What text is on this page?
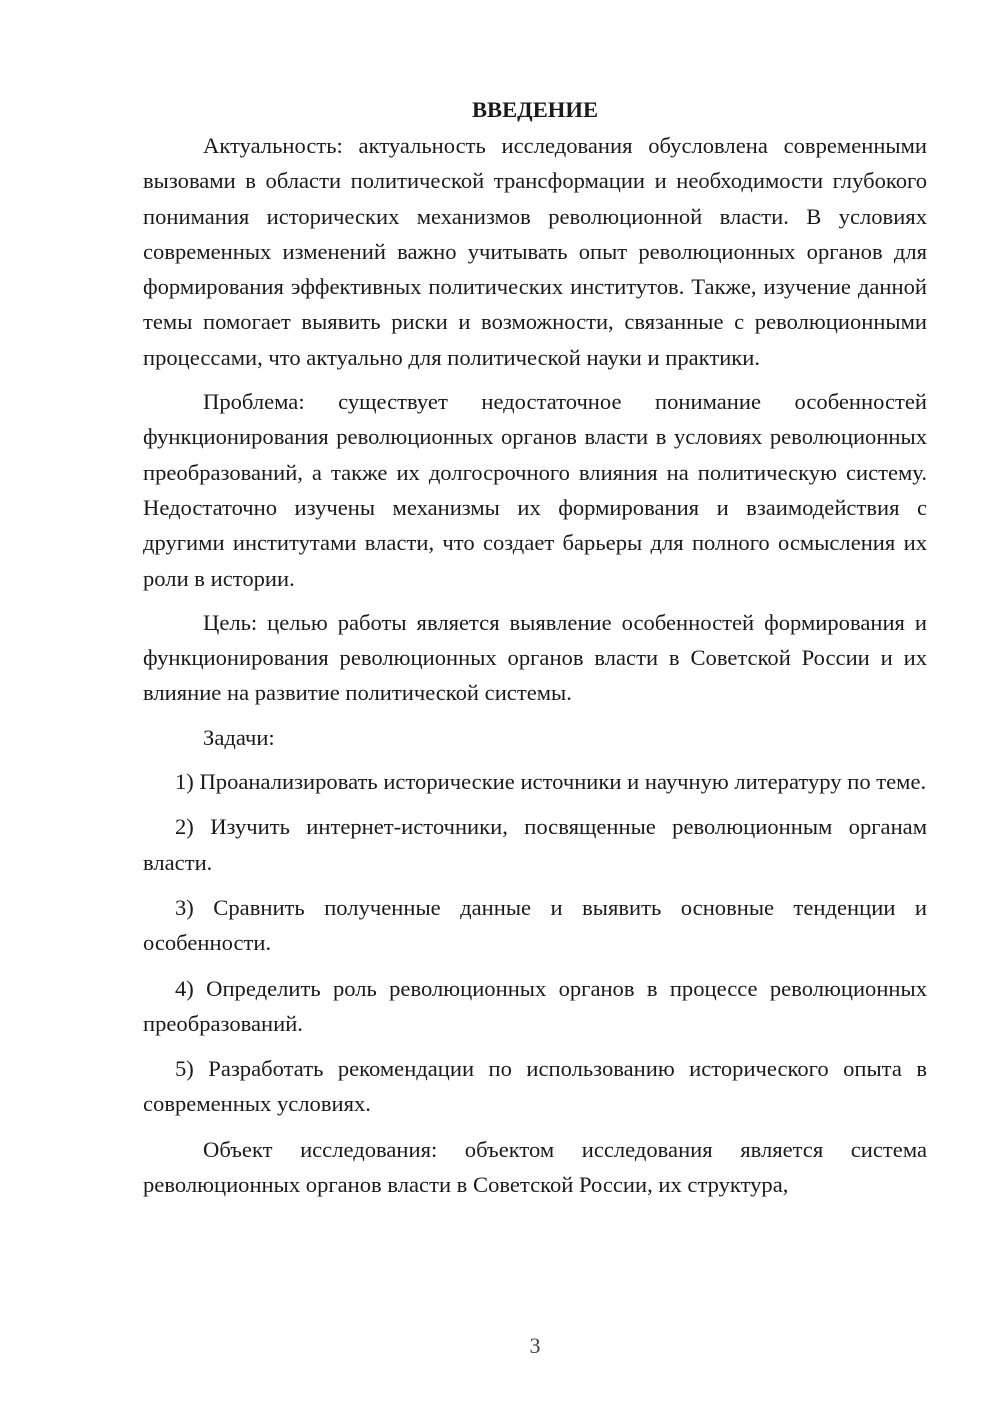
ВВЕДЕНИЕ

Актуальность: актуальность исследования обусловлена современными вызовами в области политической трансформации и необходимости глубокого понимания исторических механизмов революционной власти. В условиях современных изменений важно учитывать опыт революционных органов для формирования эффективных политических институтов. Также, изучение данной темы помогает выявить риски и возможности, связанные с революционными процессами, что актуально для политической науки и практики.

Проблема: существует недостаточное понимание особенностей функционирования революционных органов власти в условиях революционных преобразований, а также их долгосрочного влияния на политическую систему. Недостаточно изучены механизмы их формирования и взаимодействия с другими институтами власти, что создает барьеры для полного осмысления их роли в истории.

Цель: целью работы является выявление особенностей формирования и функционирования революционных органов власти в Советской России и их влияние на развитие политической системы.

Задачи:

1) Проанализировать исторические источники и научную литературу по теме.

2) Изучить интернет-источники, посвященные революционным органам власти.

3) Сравнить полученные данные и выявить основные тенденции и особенности.

4) Определить роль революционных органов в процессе революционных преобразований.

5) Разработать рекомендации по использованию исторического опыта в современных условиях.

Объект исследования: объектом исследования является система революционных органов власти в Советской России, их структура,

3
